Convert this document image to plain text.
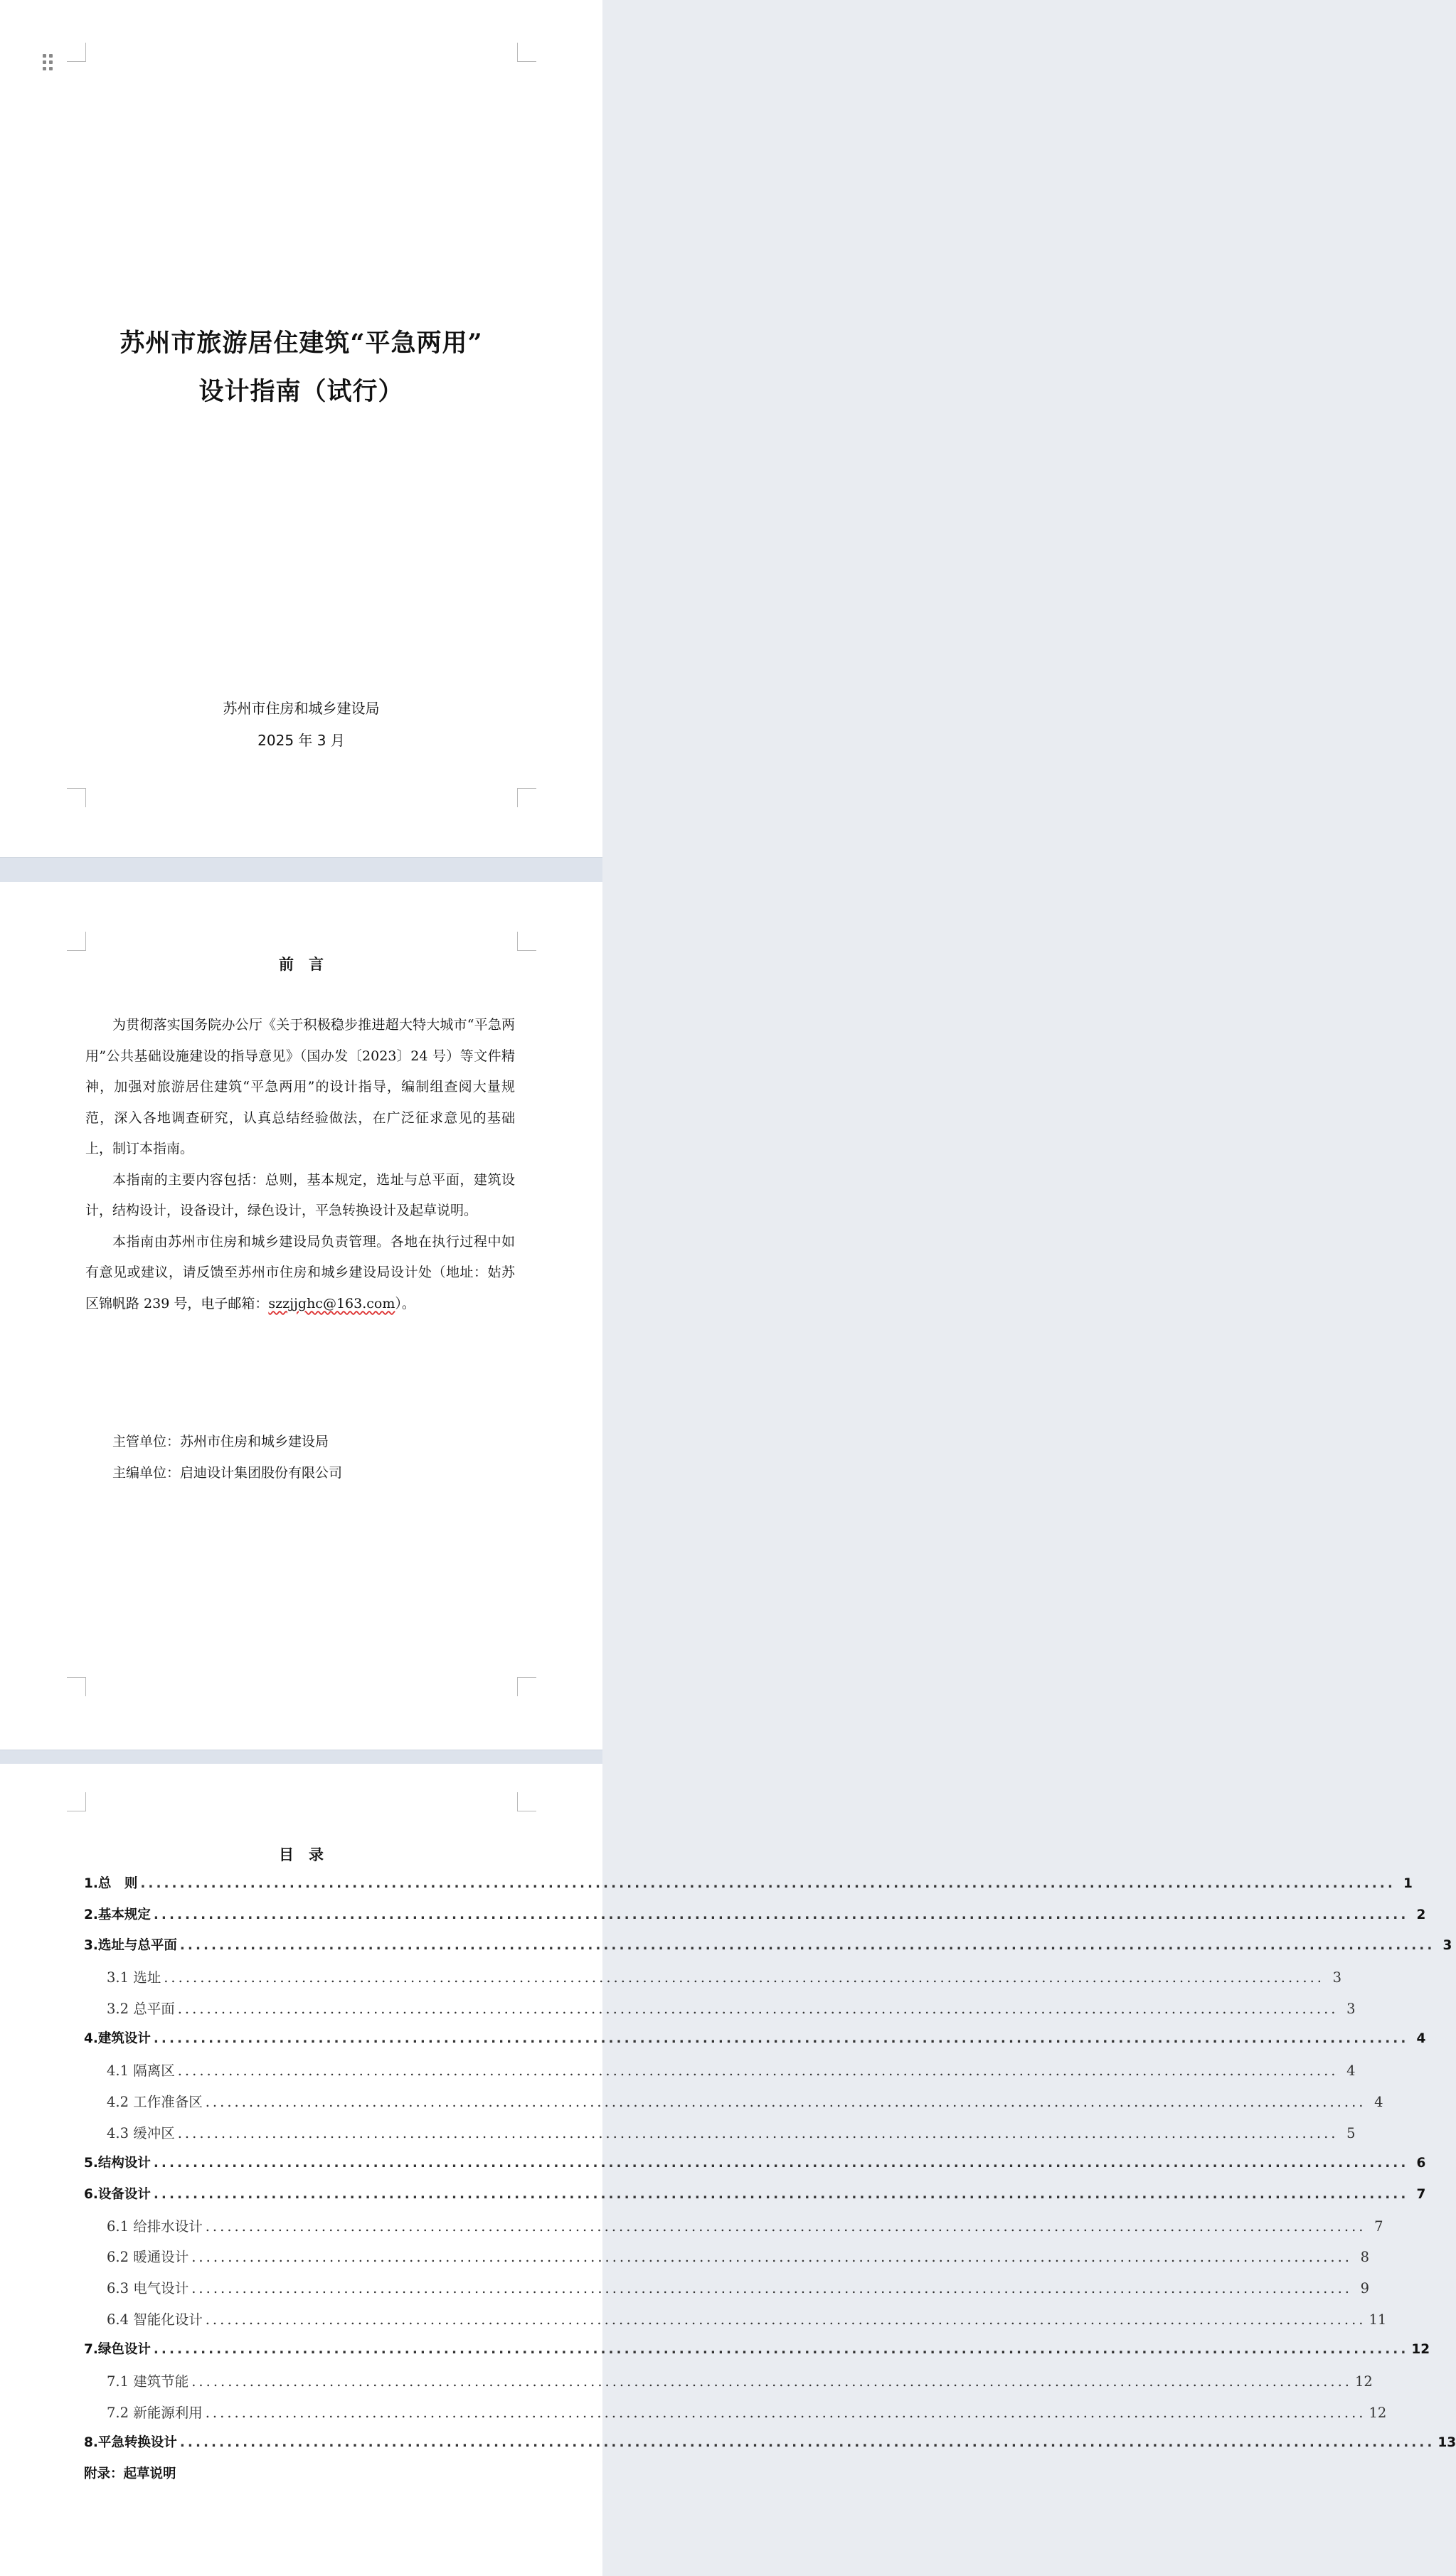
苏州市旅游居住建筑“平急两用”
设计指南（试行）
苏州市住房和城乡建设局
2025 年 3 月
前　言

为贯彻落实国务院办公厅《关于积极稳步推进超大特大城市“平急两用”公共基础设施建设的指导意见》（国办发〔2023〕24 号）等文件精神，加强对旅游居住建筑“平急两用”的设计指导，编制组查阅大量规范，深入各地调查研究，认真总结经验做法，在广泛征求意见的基础上，制订本指南。

本指南的主要内容包括：总则，基本规定，选址与总平面，建筑设计，结构设计，设备设计，绿色设计，平急转换设计及起草说明。

本指南由苏州市住房和城乡建设局负责管理。各地在执行过程中如有意见或建议，请反馈至苏州市住房和城乡建设局设计处（地址：姑苏区锦帆路 239 号，电子邮箱：szzjjghc@163.com）。

主管单位：苏州市住房和城乡建设局

主编单位：启迪设计集团股份有限公司

目　录
1.总　则 ................................................................................................................................................................ 1
2.基本规定 ................................................................................................................................................................ 2
3.选址与总平面 ................................................................................................................................................................ 3
3.1 选址 ................................................................................................................................................................ 3
3.2 总平面 ................................................................................................................................................................ 3
4.建筑设计 ................................................................................................................................................................ 4
4.1 隔离区 ................................................................................................................................................................ 4
4.2 工作准备区 ................................................................................................................................................................ 4
4.3 缓冲区 ................................................................................................................................................................ 5
5.结构设计 ................................................................................................................................................................ 6
6.设备设计 ................................................................................................................................................................ 7
6.1 给排水设计 ................................................................................................................................................................ 7
6.2 暖通设计 ................................................................................................................................................................ 8
6.3 电气设计 ................................................................................................................................................................ 9
6.4 智能化设计 ................................................................................................................................................................ 11
7.绿色设计 ................................................................................................................................................................ 12
7.1 建筑节能 ................................................................................................................................................................ 12
7.2 新能源利用 ................................................................................................................................................................ 12
8.平急转换设计 ................................................................................................................................................................ 13
附录：起草说明
